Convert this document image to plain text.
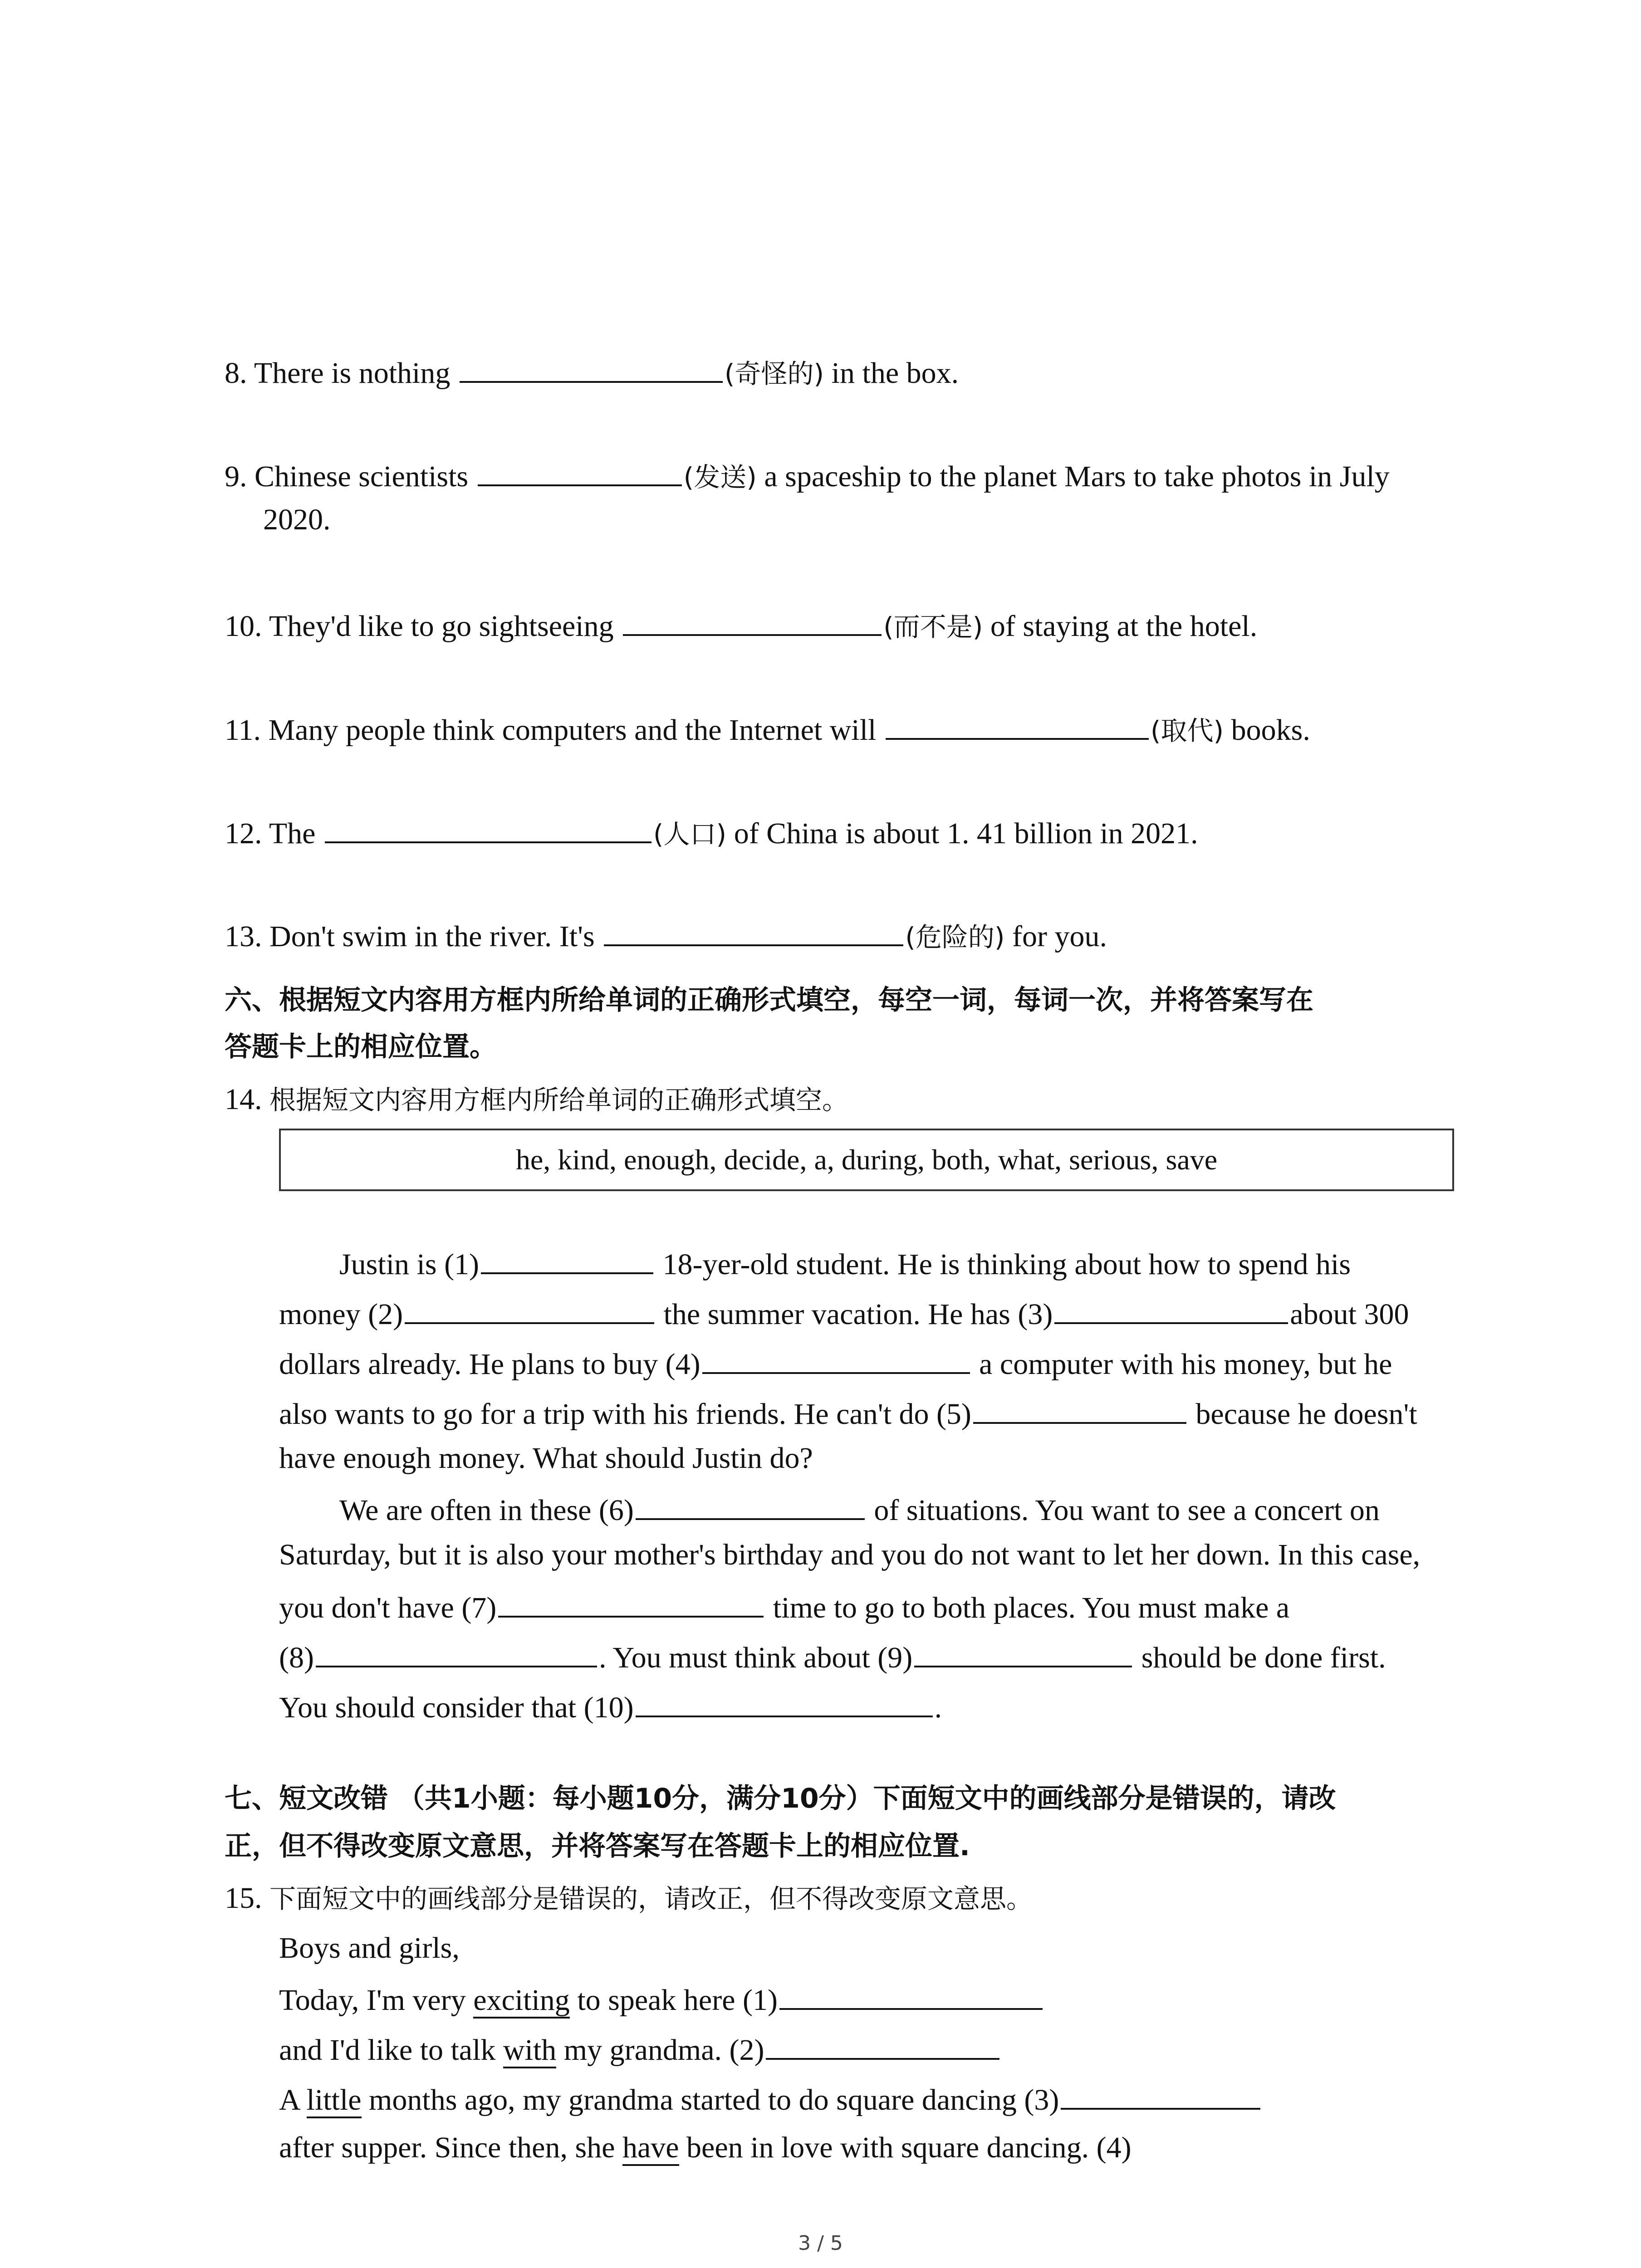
8. There is nothing	(奇怪的) in the box.
9. Chinese scientists	(发送) a spaceship to the planet Mars to take photos in July
2020.
10. They'd like to go sightseeing	(而不是) of staying at the hotel.
11. Many people think computers and the Internet will	(取代) books.
12. The	(人口) of China is about 1. 41 billion in 2021.
13. Don't swim in the river. It's	(危险的) for you.
六、根据短文内容用方框内所给单词的正确形式填空，每空一词，每词一次，并将答案写在
答题卡上的相应位置。
14. 根据短文内容用方框内所给单词的正确形式填空。
he, kind, enough, decide, a, during, both, what, serious, save
Justin is (1)	18-yer-old student. He is thinking about how to spend his
money (2)	the summer vacation. He has (3)	about 300
dollars already. He plans to buy (4)	a computer with his money, but he
also wants to go for a trip with his friends. He can't do (5)	because he doesn't
have enough money. What should Justin do?
We are often in these (6)	of situations. You want to see a concert on
Saturday, but it is also your mother's birthday and you do not want to let her down. In this case,
you don't have (7)	time to go to both places. You must make a
(8)	. You must think about (9)	should be done first.
You should consider that (10)	.
七、短文改错 （共1小题：每小题10分，满分10分）下面短文中的画线部分是错误的，请改
正，但不得改变原文意思，并将答案写在答题卡上的相应位置.
15. 下面短文中的画线部分是错误的，请改正，但不得改变原文意思。
Boys and girls,
Today, I'm very exciting to speak here (1)
and I'd like to talk with my grandma. (2)
A little months ago, my grandma started to do square dancing (3)
after supper. Since then, she have been in love with square dancing. (4)
3 / 5
